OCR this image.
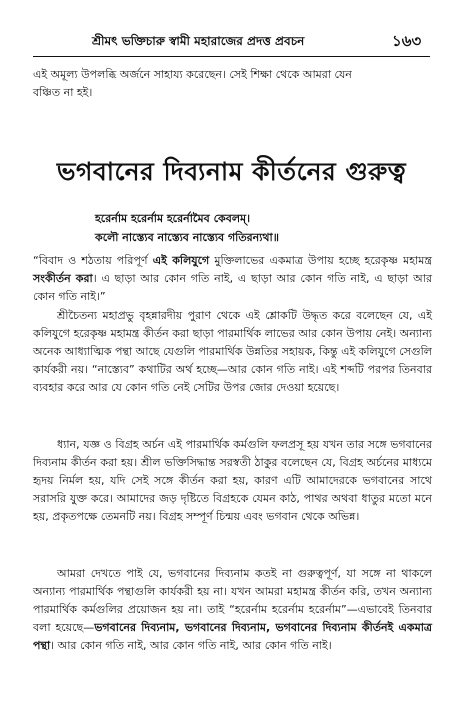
শ্রীমৎ ভক্তিচারু স্বামী মহারাজের প্রদত্ত প্রবচন	১৬৩

এই অমূল্য উপলব্ধি অর্জনে সাহায্য করেছেন। সেই শিক্ষা থেকে আমরা যেন
বঞ্চিত না হই।

ভগবানের দিব্যনাম কীর্তনের গুরুত্ব
হরের্নাম হরের্নাম হরের্নামৈব কেবলম্।
কলৌ নাস্ত্যেব নাস্ত্যেব নাস্ত্যেব গতিরন্যথা॥

“বিবাদ ও শঠতায় পরিপূর্ণ এই কলিযুগে মুক্তিলাভের একমাত্র উপায় হচ্ছে হরেকৃষ্ণ মহামন্ত্র সংকীর্তন করা। এ ছাড়া আর কোন গতি নাই, এ ছাড়া আর কোন গতি নাই, এ ছাড়া আর কোন গতি নাই।”

শ্রীচৈতন্য মহাপ্রভু বৃহন্নারদীয় পুরাণ থেকে এই শ্লোকটি উদ্ধৃত করে বলেছেন যে, এই কলিযুগে হরেকৃষ্ণ মহামন্ত্র কীর্তন করা ছাড়া পারমার্থিক লাভের আর কোন উপায় নেই। অন্যান্য অনেক আধ্যাত্মিক পন্থা আছে যেগুলি পারমার্থিক উন্নতির সহায়ক, কিন্তু এই কলিযুগে সেগুলি কার্যকরী নয়। “নাস্ত্যেব” কথাটির অর্থ হচ্ছে—আর কোন গতি নাই। এই শব্দটি পরপর তিনবার ব্যবহার করে আর যে কোন গতি নেই সেটির উপর জোর দেওয়া হয়েছে।

ধ্যান, যজ্ঞ ও বিগ্রহ অর্চন এই পারমার্থিক কর্মগুলি ফলপ্রসূ হয় যখন তার সঙ্গে ভগবানের দিব্যনাম কীর্তন করা হয়। শ্রীল ভক্তিসিদ্ধান্ত সরস্বতী ঠাকুর বলেছেন যে, বিগ্রহ অর্চনের মাধ্যমে হৃদয় নির্মল হয়, যদি সেই সঙ্গে কীর্তন করা হয়, কারণ এটি আমাদেরকে ভগবানের সাথে সরাসরি যুক্ত করে। আমাদের জড় দৃষ্টিতে বিগ্রহকে যেমন কাঠ, পাথর অথবা ধাতুর মতো মনে হয়, প্রকৃতপক্ষে তেমনটি নয়। বিগ্রহ সম্পূর্ণ চিন্ময় এবং ভগবান থেকে অভিন্ন।

আমরা দেখতে পাই যে, ভগবানের দিব্যনাম কতই না গুরুত্বপূর্ণ, যা সঙ্গে না থাকলে অন্যান্য পারমার্থিক পন্থাগুলি কার্যকরী হয় না। যখন আমরা মহামন্ত্র কীর্তন করি, তখন অন্যান্য পারমার্থিক কর্মগুলির প্রয়োজন হয় না। তাই “হরের্নাম হরের্নাম হরের্নাম”—এভাবেই তিনবার বলা হয়েছে—ভগবানের দিব্যনাম, ভগবানের দিব্যনাম, ভগবানের দিব্যনাম কীর্তনই একমাত্র পন্থা। আর কোন গতি নাই, আর কোন গতি নাই, আর কোন গতি নাই।
